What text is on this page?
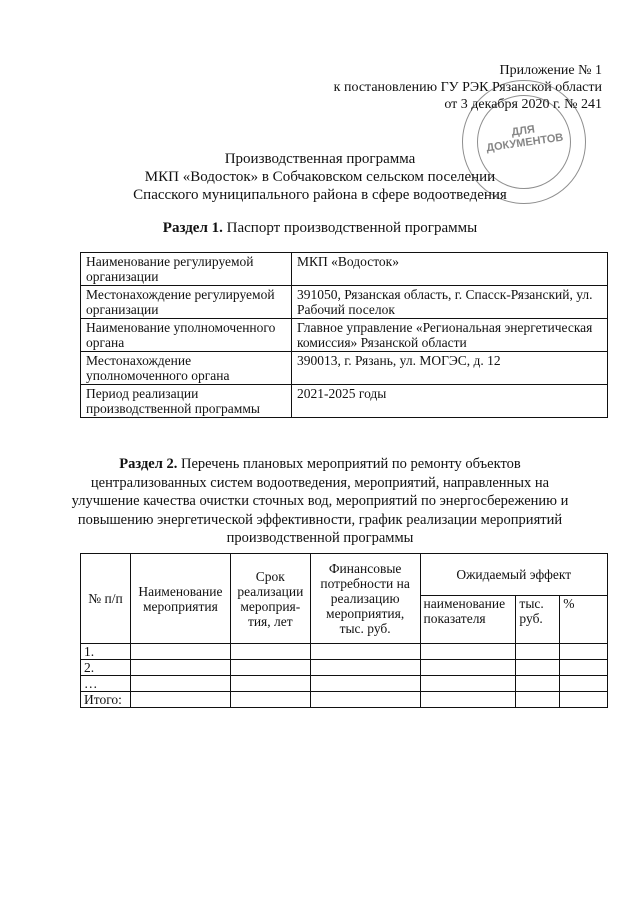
Приложение № 1
к постановлению ГУ РЭК Рязанской области
от 3 декабря 2020 г. № 241
ДЛЯ ДОКУМЕНТОВ
Производственная программа
МКП «Водосток» в Собчаковском сельском поселении
Спасского муниципального района в сфере водоотведения
Раздел 1. Паспорт производственной программы
Наименование регулируемой организации	МКП «Водосток»
Местонахождение регулируемой организации	391050, Рязанская область, г. Спасск-Рязанский, ул. Рабочий поселок
Наименование уполномоченного органа	Главное управление «Региональная энергетическая комиссия» Рязанской области
Местонахождение уполномоченного органа	390013, г. Рязань, ул. МОГЭС, д. 12
Период реализации производственной программы	2021-2025 годы
Раздел 2. Перечень плановых мероприятий по ремонту объектов централизованных систем водоотведения, мероприятий, направленных на улучшение качества очистки сточных вод, мероприятий по энергосбережению и повышению энергетической эффективности, график реализации мероприятий производственной программы
№ п/п	Наименование мероприятия	Срок реализации мероприя-тия, лет	Финансовые потребности на реализацию мероприятия, тыс. руб.	Ожидаемый эффект		
				наименование показателя	тыс. руб.	%
1.						
2.						
…						
Итого:						
